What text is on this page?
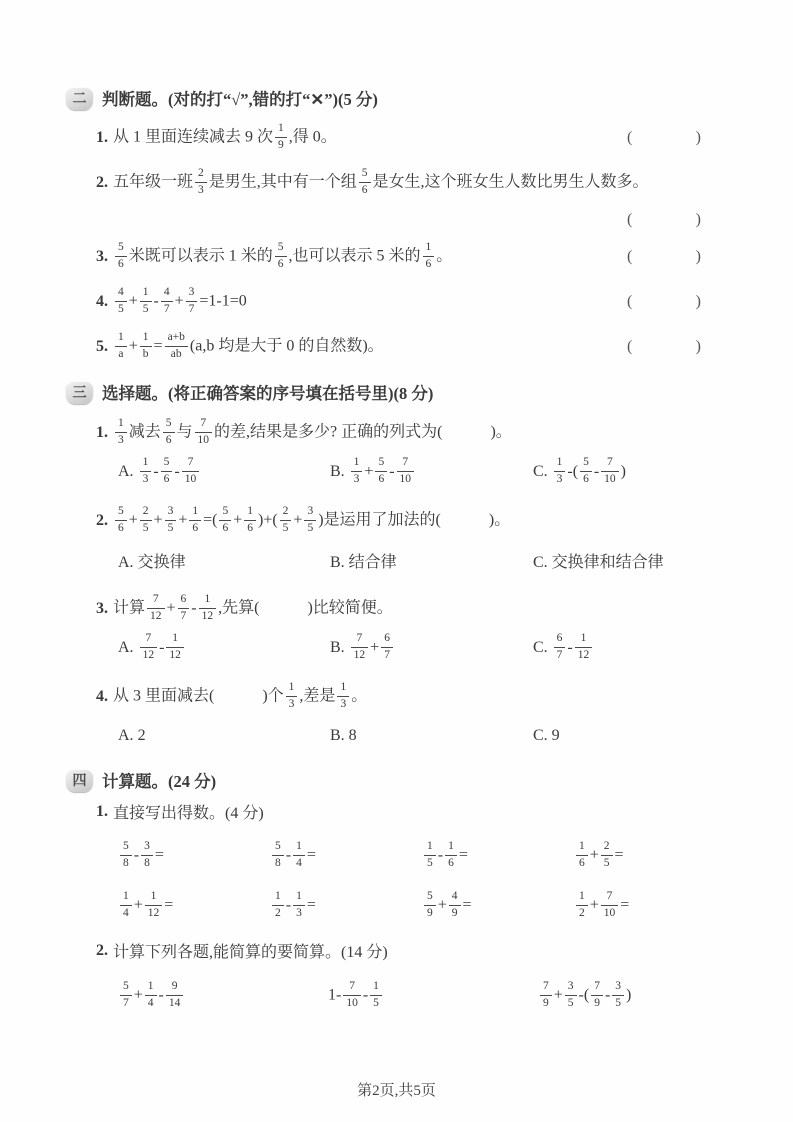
二 判断题。(对的打“√”,错的打“✕”)(5 分)
1. 从 1 里面连续减去 9 次 $\frac{1}{9}$ ,得 0。	(	)
2. 五年级一班 $\frac{2}{3}$ 是男生,其中有一个组 $\frac{5}{6}$ 是女生,这个班女生人数比男生人数多。
(	)
3. $\frac{5}{6}$ 米既可以表示 1 米的 $\frac{5}{6}$ ,也可以表示 5 米的 $\frac{1}{6}$ 。	(	)
4. $\frac{4}{5} + \frac{1}{5} - \frac{4}{7} + \frac{3}{7} =1-1=0$	(	)
5. $\frac{1}{a} + \frac{1}{b} = \frac{a+b}{ab} (a,b$ 均是大于 0 的自然数)。	(	)
三 选择题。(将正确答案的序号填在括号里)(8 分)
1. $\frac{1}{3}$ 减去 $\frac{5}{6}$ 与 $\frac{7}{10}$ 的差,结果是多少? 正确的列式为(　　　)。
A. $\frac{1}{3} - \frac{5}{6} - \frac{7}{10}$	B. $\frac{1}{3} + \frac{5}{6} - \frac{7}{10}$	C. $\frac{1}{3}$ -( $\frac{5}{6} - \frac{7}{10}$ )
2. $\frac{5}{6} + \frac{2}{5} + \frac{3}{5} + \frac{1}{6}$ =( $\frac{5}{6} + \frac{1}{6}$ )+( $\frac{2}{5} + \frac{3}{5}$ )是运用了加法的(　　　)。
A. 交换律	B. 结合律	C. 交换律和结合律
3. 计算 $\frac{7}{12} + \frac{6}{7} - \frac{1}{12}$ ,先算(　　　)比较简便。
A. $\frac{7}{12} - \frac{1}{12}$	B. $\frac{7}{12} + \frac{6}{7}$	C. $\frac{6}{7} - \frac{1}{12}$
4. 从 3 里面减去(　　　)个 $\frac{1}{3}$ ,差是 $\frac{1}{3}$ 。
A. 2	B. 8	C. 9
四 计算题。(24 分)
1. 直接写出得数。(4 分)
$\frac{5}{8} - \frac{3}{8}$ =	$\frac{5}{8} - \frac{1}{4}$ =	$\frac{1}{5} - \frac{1}{6}$ =	$\frac{1}{6} + \frac{2}{5}$ =
$\frac{1}{4} + \frac{1}{12}$ =	$\frac{1}{2} - \frac{1}{3}$ =	$\frac{5}{9} + \frac{4}{9}$ =	$\frac{1}{2} + \frac{7}{10}$ =
2. 计算下列各题,能简算的要简算。(14 分)
$\frac{5}{7} + \frac{1}{4} - \frac{9}{14}$	$1- \frac{7}{10} - \frac{1}{5}$	$\frac{7}{9} + \frac{3}{5}$ -( $\frac{7}{9} - \frac{3}{5}$ )
第2页,共5页
